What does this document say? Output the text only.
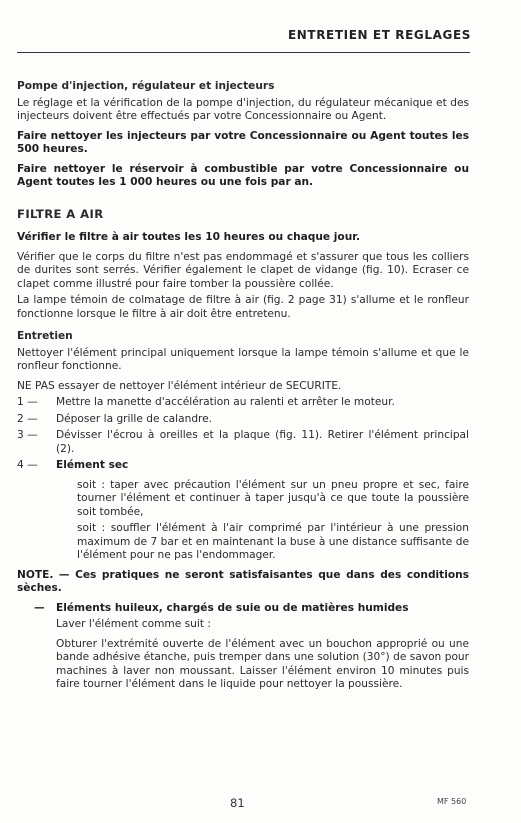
ENTRETIEN ET REGLAGES

Pompe d'injection, régulateur et injecteurs

Le réglage et la vérification de la pompe d'injection, du régulateur mécanique et des injecteurs doivent être effectués par votre Concessionnaire ou Agent.

Faire nettoyer les injecteurs par votre Concessionnaire ou Agent toutes les 500 heures.

Faire nettoyer le réservoir à combustible par votre Concessionnaire ou Agent toutes les 1 000 heures ou une fois par an.

FILTRE A AIR

Vérifier le filtre à air toutes les 10 heures ou chaque jour.

Vérifier que le corps du filtre n'est pas endommagé et s'assurer que tous les colliers de durites sont serrés. Vérifier également le clapet de vidange (fig. 10). Ecraser ce clapet comme illustré pour faire tomber la poussière collée.

La lampe témoin de colmatage de filtre à air (fig. 2 page 31) s'allume et le ronfleur fonctionne lorsque le filtre à air doit être entretenu.

Entretien

Nettoyer l'élément principal uniquement lorsque la lampe témoin s'allume et que le ronfleur fonctionne.

NE PAS essayer de nettoyer l'élément intérieur de SECURITE.

1 —	Mettre la manette d'accélération au ralenti et arrêter le moteur.
2 —	Déposer la grille de calandre.
3 —	Dévisser l'écrou à oreilles et la plaque (fig. 11). Retirer l'élément principal (2).
4 —	Elément sec

soit : taper avec précaution l'élément sur un pneu propre et sec, faire tourner l'élément et continuer à taper jusqu'à ce que toute la poussière soit tombée,

soit : souffler l'élément à l'air comprimé par l'intérieur à une pression maximum de 7 bar et en maintenant la buse à une distance suffisante de l'élément pour ne pas l'endommager.

NOTE. — Ces pratiques ne seront satisfaisantes que dans des conditions sèches.

—	Eléments huileux, chargés de suie ou de matières humides

Laver l'élément comme suit :

Obturer l'extrémité ouverte de l'élément avec un bouchon approprié ou une bande adhésive étanche, puis tremper dans une solution (30°) de savon pour machines à laver non moussant. Laisser l'élément environ 10 minutes puis faire tourner l'élément dans le liquide pour nettoyer la poussière.

81	MF 560
